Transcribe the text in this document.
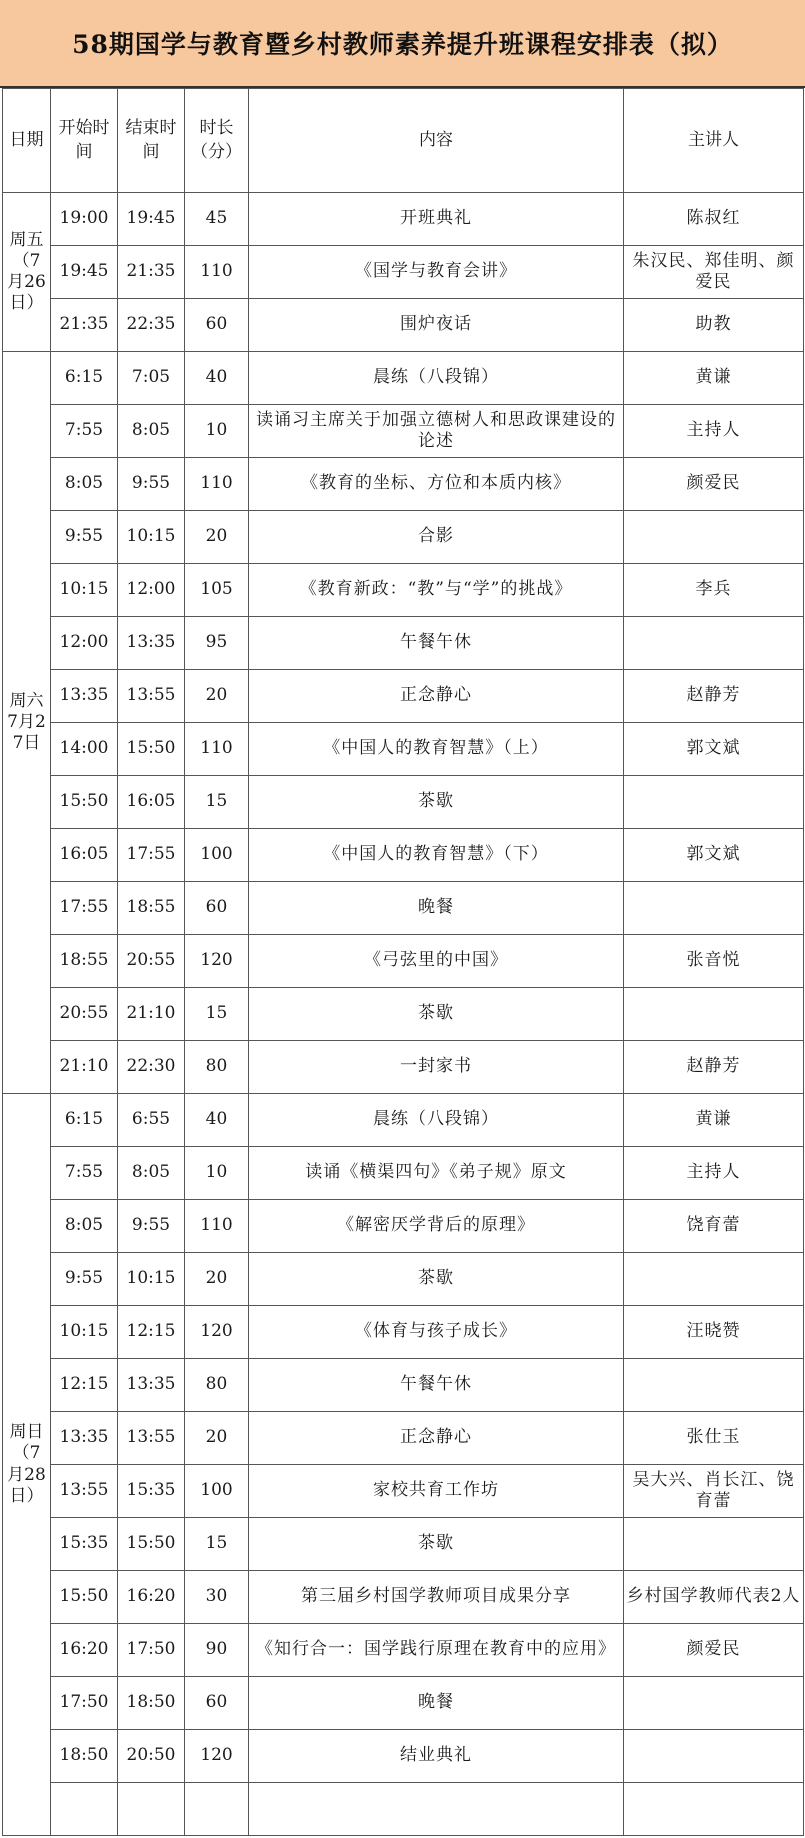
58期国学与教育暨乡村教师素养提升班课程安排表（拟）
日期	开始时间	结束时间	时长（分）	内容	主讲人
周五（7月26日）	19:00	19:45	45	开班典礼	陈叔红
	19:45	21:35	110	《国学与教育会讲》	朱汉民、郑佳明、颜爱民
	21:35	22:35	60	围炉夜话	助教
周六7月27日	6:15	7:05	40	晨练（八段锦）	黄谦
	7:55	8:05	10	读诵习主席关于加强立德树人和思政课建设的论述	主持人
	8:05	9:55	110	《教育的坐标、方位和本质内核》	颜爱民
	9:55	10:15	20	合影	
	10:15	12:00	105	《教育新政：“教”与“学”的挑战》	李兵
	12:00	13:35	95	午餐午休	
	13:35	13:55	20	正念静心	赵静芳
	14:00	15:50	110	《中国人的教育智慧》（上）	郭文斌
	15:50	16:05	15	茶歇	
	16:05	17:55	100	《中国人的教育智慧》（下）	郭文斌
	17:55	18:55	60	晚餐	
	18:55	20:55	120	《弓弦里的中国》	张音悦
	20:55	21:10	15	茶歇	
	21:10	22:30	80	一封家书	赵静芳
周日（7月28日）	6:15	6:55	40	晨练（八段锦）	黄谦
	7:55	8:05	10	读诵《横渠四句》《弟子规》原文	主持人
	8:05	9:55	110	《解密厌学背后的原理》	饶育蕾
	9:55	10:15	20	茶歇	
	10:15	12:15	120	《体育与孩子成长》	汪晓赞
	12:15	13:35	80	午餐午休	
	13:35	13:55	20	正念静心	张仕玉
	13:55	15:35	100	家校共育工作坊	吴大兴、肖长江、饶育蕾
	15:35	15:50	15	茶歇	
	15:50	16:20	30	第三届乡村国学教师项目成果分享	乡村国学教师代表2人
	16:20	17:50	90	《知行合一：国学践行原理在教育中的应用》	颜爱民
	17:50	18:50	60	晚餐	
	18:50	20:50	120	结业典礼	
